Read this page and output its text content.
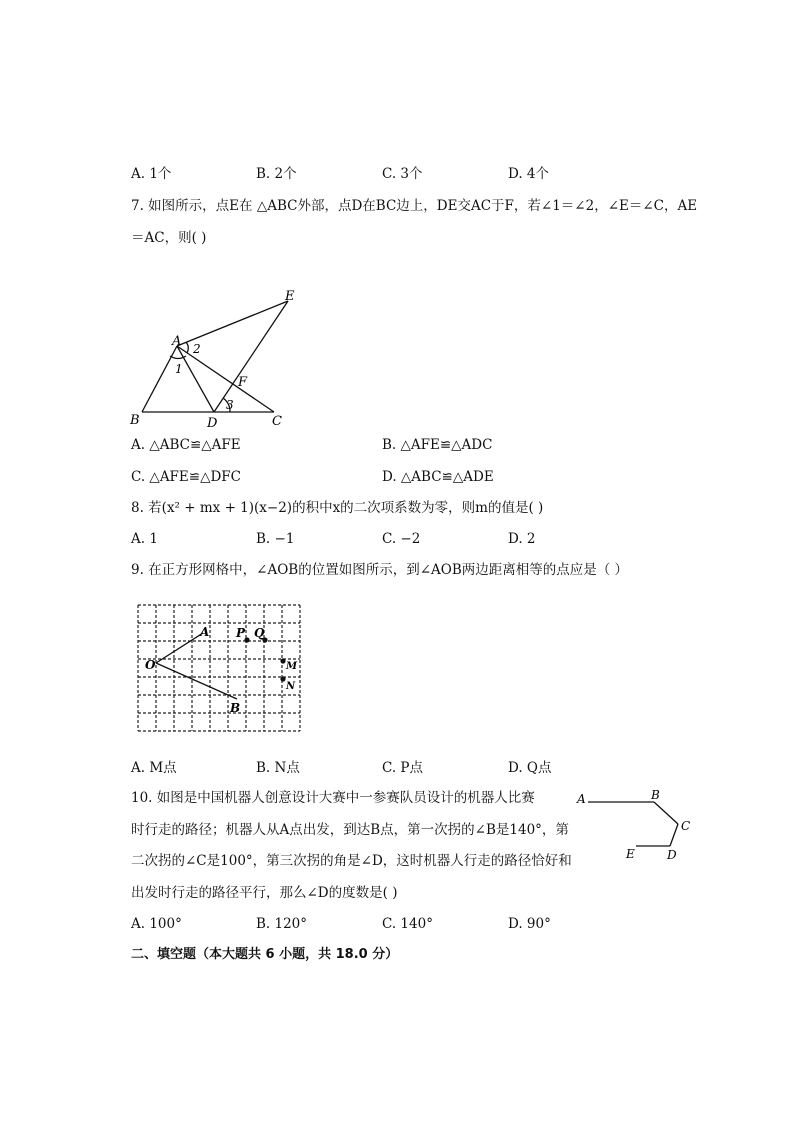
A. 1个	B. 2个	C. 3个	D. 4个
7. 如图所示，点E在 △ABC外部，点D在BC边上，DE交AC于F，若∠1＝∠2，∠E＝∠C，AE
＝AC，则( )
A
B	C
D
E
F
1
2
3
A. △ABC≌△AFE	B. △AFE≌△ADC
C. △AFE≌△DFC	D. △ABC≌△ADE
8. 若(x² + mx + 1)(x−2)的积中x的二次项系数为零，则m的值是( )
A. 1	B. −1	C. −2	D. 2
9. 在正方形网格中，∠AOB的位置如图所示，到∠AOB两边距离相等的点应是（ ）
A
O
B
P Q
M
N
A. M点	B. N点	C. P点	D. Q点
10. 如图是中国机器人创意设计大赛中一参赛队员设计的机器人比赛
时行走的路径；机器人从A点出发，到达B点，第一次拐的∠B是140°，第
二次拐的∠C是100°，第三次拐的角是∠D，这时机器人行走的路径恰好和
出发时行走的路径平行，那么∠D的度数是( )
A	B
C
D
E
A. 100°	B. 120°	C. 140°	D. 90°
二、填空题（本大题共 6 小题，共 18.0 分）
